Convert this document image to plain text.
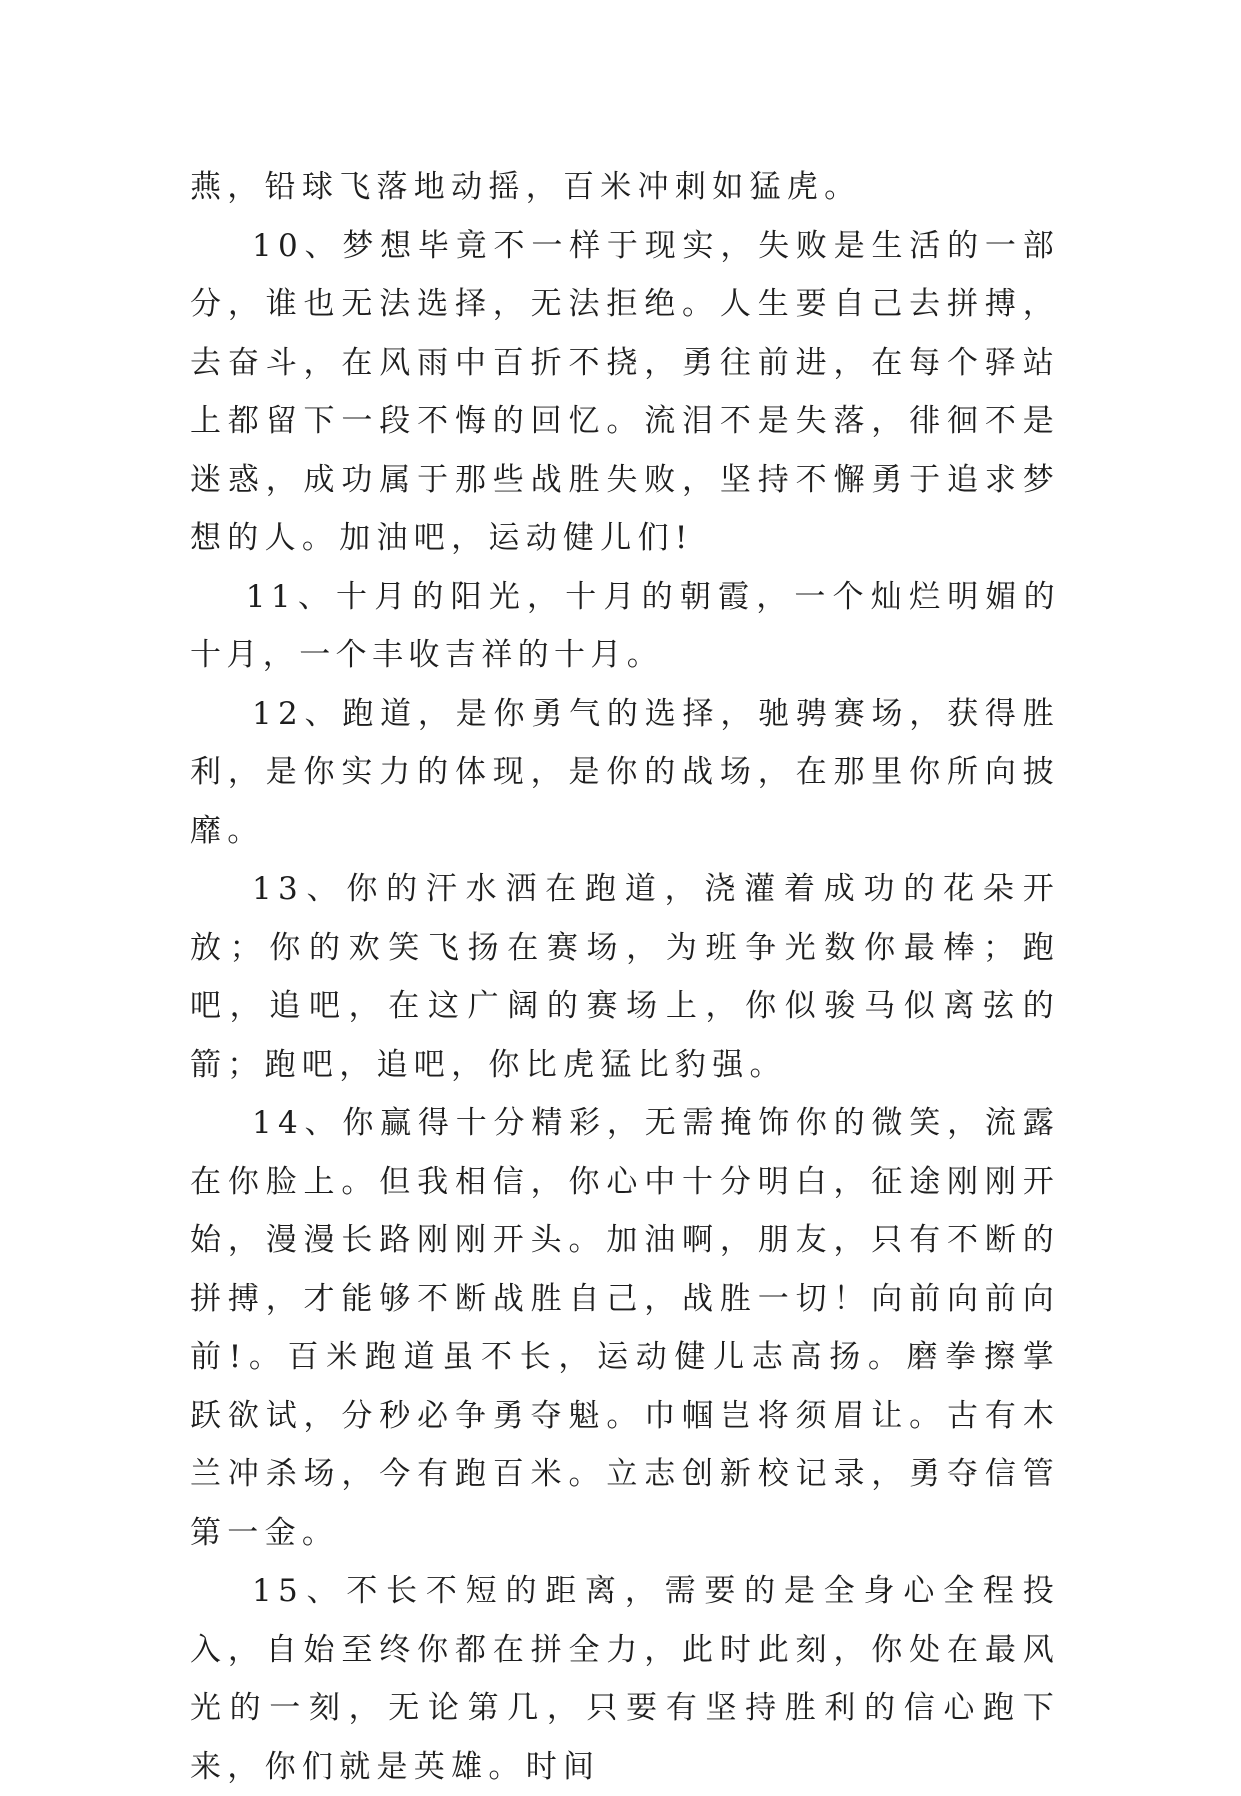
燕，铅球飞落地动摇，百米冲刺如猛虎。

10、梦想毕竟不一样于现实，失败是生活的一部分，谁也无法选择，无法拒绝。人生要自己去拼搏，去奋斗，在风雨中百折不挠，勇往前进，在每个驿站上都留下一段不悔的回忆。流泪不是失落，徘徊不是迷惑，成功属于那些战胜失败，坚持不懈勇于追求梦想的人。加油吧，运动健儿们!

11、十月的阳光，十月的朝霞，一个灿烂明媚的十月，一个丰收吉祥的十月。

12、跑道，是你勇气的选择，驰骋赛场，获得胜利，是你实力的体现，是你的战场，在那里你所向披靡。

13、你的汗水洒在跑道，浇灌着成功的花朵开放；你的欢笑飞扬在赛场，为班争光数你最棒；跑吧，追吧，在这广阔的赛场上，你似骏马似离弦的箭；跑吧，追吧，你比虎猛比豹强。

14、你赢得十分精彩，无需掩饰你的微笑，流露在你脸上。但我相信，你心中十分明白，征途刚刚开始，漫漫长路刚刚开头。加油啊，朋友，只有不断的拼搏，才能够不断战胜自己，战胜一切！向前向前向前!。百米跑道虽不长，运动健儿志高扬。磨拳擦掌跃欲试，分秒必争勇夺魁。巾帼岂将须眉让。古有木兰冲杀场，今有跑百米。立志创新校记录，勇夺信管第一金。

15、不长不短的距离，需要的是全身心全程投入，自始至终你都在拼全力，此时此刻，你处在最风光的一刻，无论第几，只要有坚持胜利的信心跑下来，你们就是英雄。时间
